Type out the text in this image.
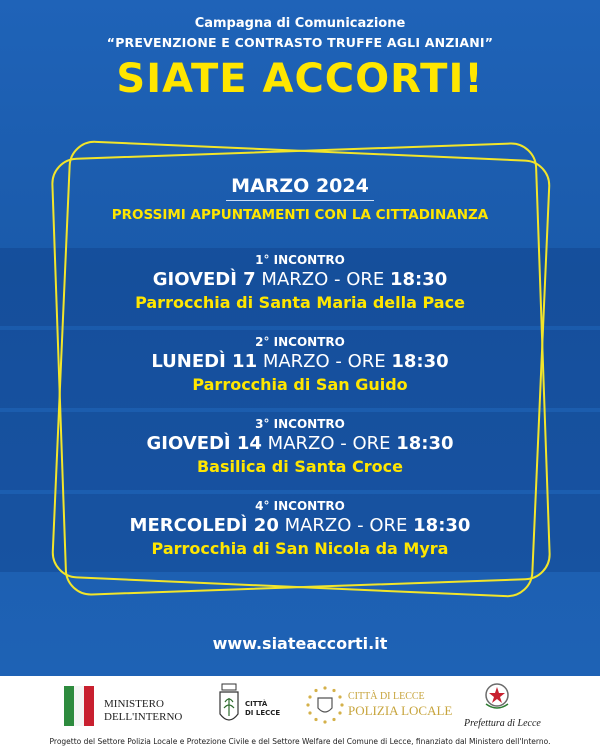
Campagna di Comunicazione
“PREVENZIONE E CONTRASTO TRUFFE AGLI ANZIANI”
SIATE ACCORTI!
MARZO 2024
PROSSIMI APPUNTAMENTI CON LA CITTADINANZA
1° INCONTRO
GIOVEDÌ 7 MARZO - ORE 18:30
Parrocchia di Santa Maria della Pace
2° INCONTRO
LUNEDÌ 11 MARZO - ORE 18:30
Parrocchia di San Guido
3° INCONTRO
GIOVEDÌ 14 MARZO - ORE 18:30
Basilica di Santa Croce
4° INCONTRO
MERCOLEDÌ 20 MARZO - ORE 18:30
Parrocchia di San Nicola da Myra
www.siateaccorti.it
MINISTERO
DELL'INTERNO
CITTÀ
DI LECCE
CITTÀ DI LECCE
POLIZIA LOCALE
Prefettura di Lecce
Progetto del Settore Polizia Locale e Protezione Civile e del Settore Welfare del Comune di Lecce, finanziato dal Ministero dell'Interno.
